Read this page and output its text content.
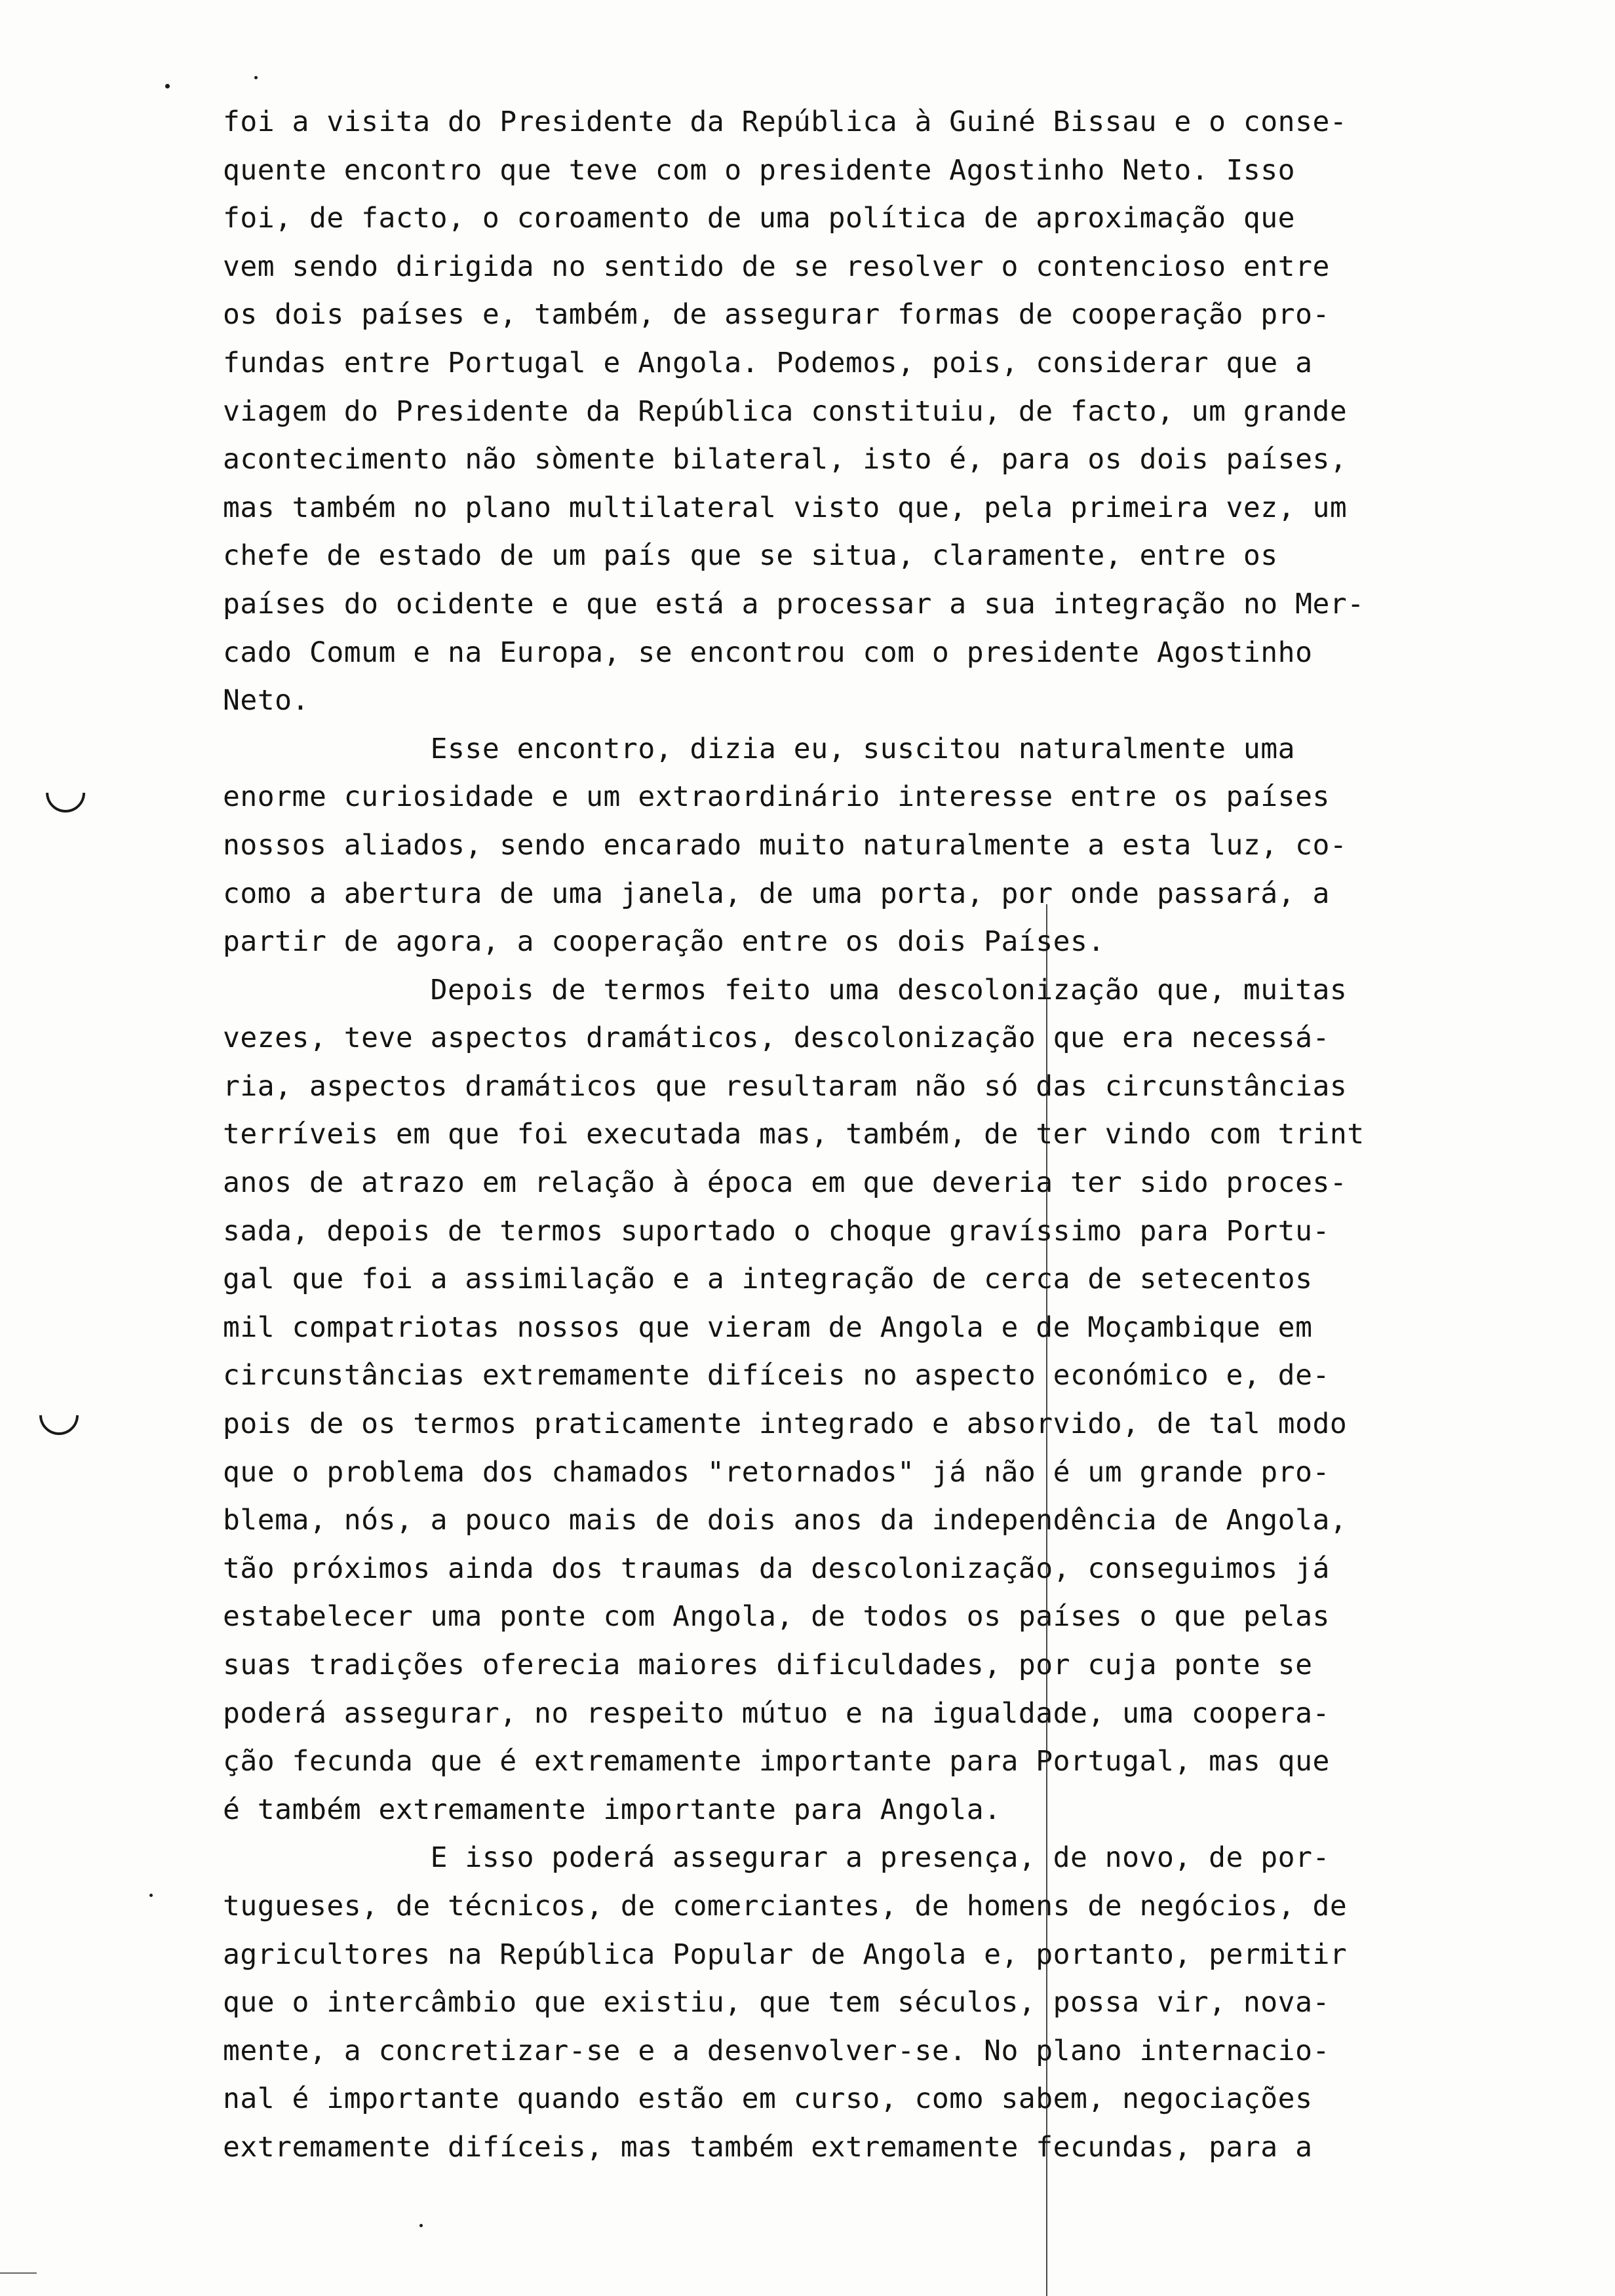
foi a visita do Presidente da República à Guiné Bissau e o conse-
quente encontro que teve com o presidente Agostinho Neto. Isso
foi, de facto, o coroamento de uma política de aproximação que
vem sendo dirigida no sentido de se resolver o contencioso entre
os dois países e, também, de assegurar formas de cooperação pro-
fundas entre Portugal e Angola. Podemos, pois, considerar que a
viagem do Presidente da República constituiu, de facto, um grande
acontecimento não sòmente bilateral, isto é, para os dois países,
mas também no plano multilateral visto que, pela primeira vez, um
chefe de estado de um país que se situa, claramente, entre os
países do ocidente e que está a processar a sua integração no Mer-
cado Comum e na Europa, se encontrou com o presidente Agostinho
Neto.
Esse encontro, dizia eu, suscitou naturalmente uma
enorme curiosidade e um extraordinário interesse entre os países
nossos aliados, sendo encarado muito naturalmente a esta luz, co-
como a abertura de uma janela, de uma porta, por onde passará, a
partir de agora, a cooperação entre os dois Países.
Depois de termos feito uma descolonização que, muitas
vezes, teve aspectos dramáticos, descolonização que era necessá-
ria, aspectos dramáticos que resultaram não só das circunstâncias
terríveis em que foi executada mas, também, de ter vindo com trint
anos de atrazo em relação à época em que deveria ter sido proces-
sada, depois de termos suportado o choque gravíssimo para Portu-
gal que foi a assimilação e a integração de cerca de setecentos
mil compatriotas nossos que vieram de Angola e de Moçambique em
circunstâncias extremamente difíceis no aspecto económico e, de-
pois de os termos praticamente integrado e absorvido, de tal modo
que o problema dos chamados "retornados" já não é um grande pro-
blema, nós, a pouco mais de dois anos da independência de Angola,
tão próximos ainda dos traumas da descolonização, conseguimos já
estabelecer uma ponte com Angola, de todos os países o que pelas
suas tradições oferecia maiores dificuldades, por cuja ponte se
poderá assegurar, no respeito mútuo e na igualdade, uma coopera-
ção fecunda que é extremamente importante para Portugal, mas que
é também extremamente importante para Angola.
E isso poderá assegurar a presença, de novo, de por-
tugueses, de técnicos, de comerciantes, de homens de negócios, de
agricultores na República Popular de Angola e, portanto, permitir
que o intercâmbio que existiu, que tem séculos, possa vir, nova-
mente, a concretizar-se e a desenvolver-se. No plano internacio-
nal é importante quando estão em curso, como sabem, negociações
extremamente difíceis, mas também extremamente fecundas, para a
